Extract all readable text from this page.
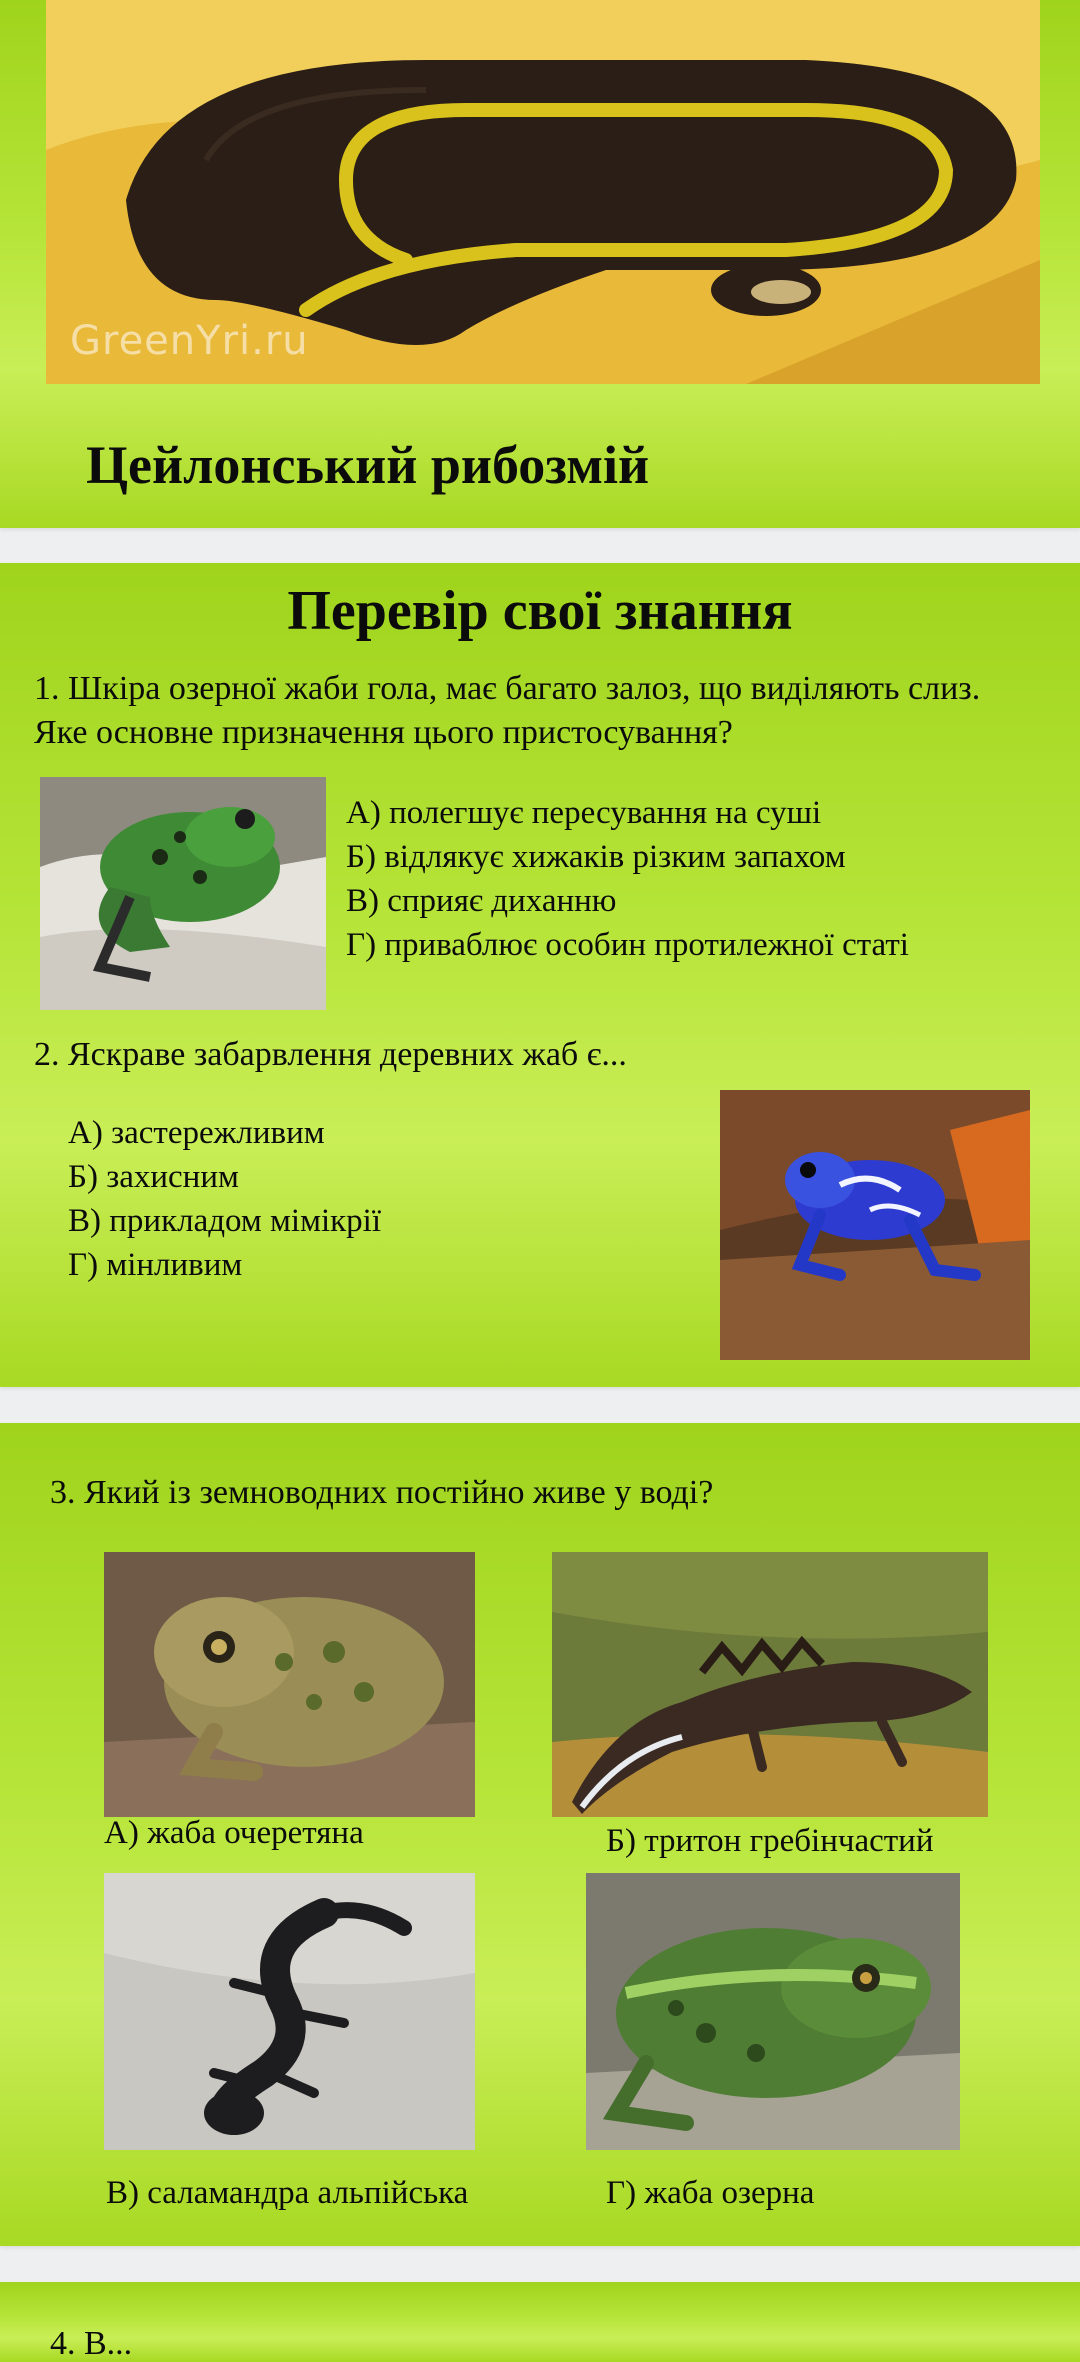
GreenYri.ru
Цейлонський рибозмій
Перевір свої знання
1. Шкіра озерної жаби гола, має багато залоз, що виділяють слиз.
Яке основне призначення цього пристосування?
А) полегшує пересування на суші
Б) відлякує хижаків різким запахом
В) сприяє диханню
Г) приваблює особин протилежної статі
2. Яскраве забарвлення деревних жаб є...
А) застережливим
Б) захисним
В) прикладом мімікрії
Г) мінливим
3. Який із земноводних постійно живе у воді?
А) жаба очеретяна	Б) тритон гребінчастий
В) саламандра альпійська	Г) жаба озерна
4. В...
